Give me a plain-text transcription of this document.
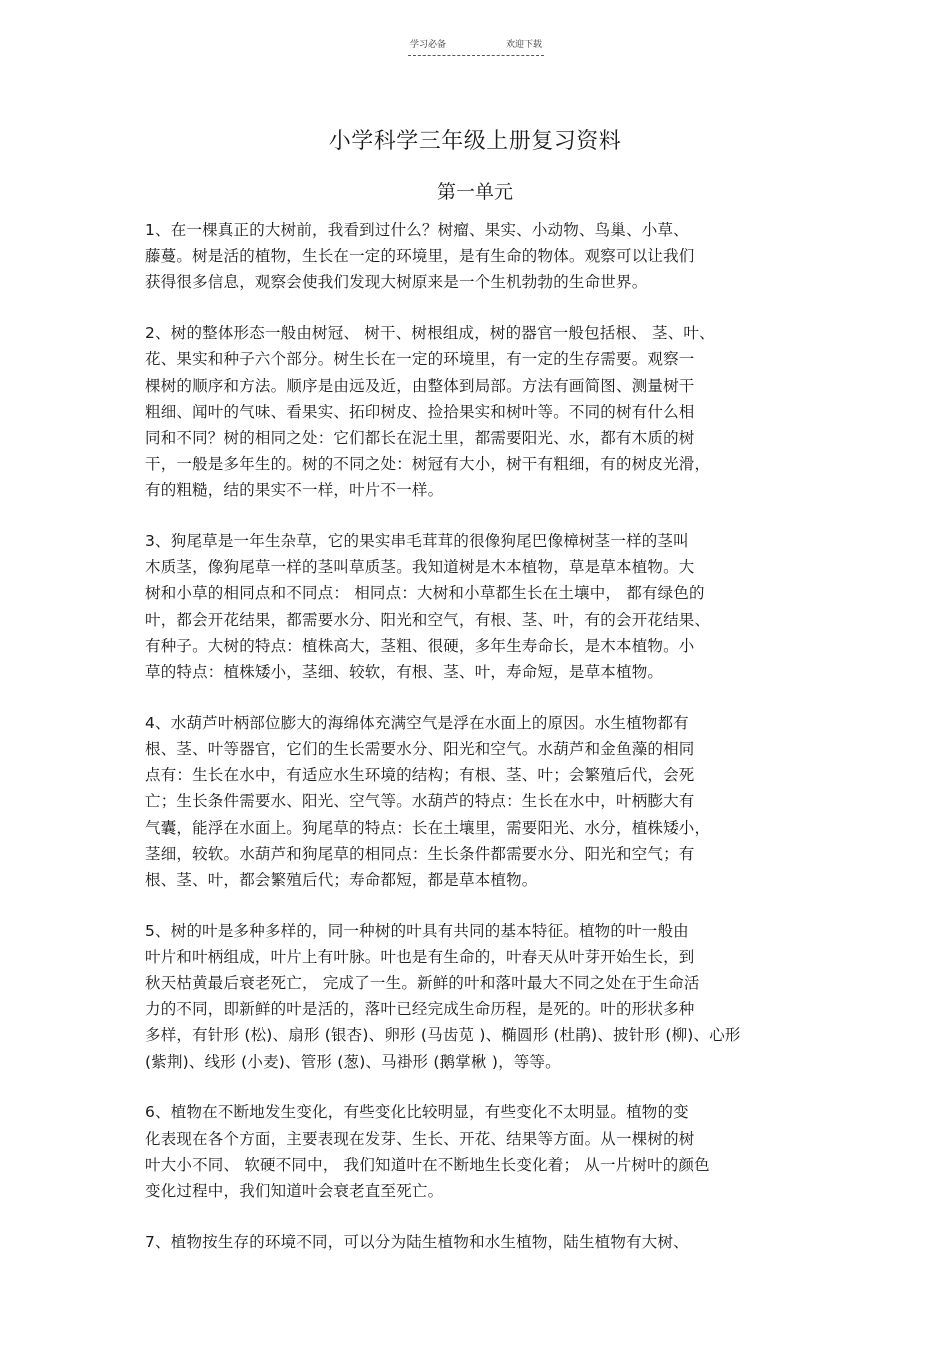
学习必备	欢迎下载
小学科学三年级上册复习资料
第一单元
1、在一棵真正的大树前，我看到过什么？树瘤、果实、小动物、鸟巢、小草、
藤蔓。树是活的植物，生长在一定的环境里，是有生命的物体。观察可以让我们
获得很多信息，观察会使我们发现大树原来是一个生机勃勃的生命世界。
2、树的整体形态一般由树冠、 树干、树根组成，树的器官一般包括根、 茎、叶、
花、果实和种子六个部分。树生长在一定的环境里，有一定的生存需要。观察一
棵树的顺序和方法。顺序是由远及近，由整体到局部。方法有画简图、测量树干
粗细、闻叶的气味、看果实、拓印树皮、捡拾果实和树叶等。不同的树有什么相
同和不同？树的相同之处：它们都长在泥土里，都需要阳光、水，都有木质的树
干，一般是多年生的。树的不同之处：树冠有大小，树干有粗细，有的树皮光滑，
有的粗糙，结的果实不一样，叶片不一样。
3、狗尾草是一年生杂草，它的果实串毛茸茸的很像狗尾巴像樟树茎一样的茎叫
木质茎，像狗尾草一样的茎叫草质茎。我知道树是木本植物，草是草本植物。大
树和小草的相同点和不同点： 相同点：大树和小草都生长在土壤中， 都有绿色的
叶，都会开花结果，都需要水分、阳光和空气，有根、茎、叶，有的会开花结果、
有种子。大树的特点：植株高大，茎粗、很硬，多年生寿命长，是木本植物。小
草的特点：植株矮小，茎细、较软，有根、茎、叶，寿命短，是草本植物。
4、水葫芦叶柄部位膨大的海绵体充满空气是浮在水面上的原因。水生植物都有
根、茎、叶等器官，它们的生长需要水分、阳光和空气。水葫芦和金鱼藻的相同
点有：生长在水中，有适应水生环境的结构；有根、茎、叶；会繁殖后代，会死
亡；生长条件需要水、阳光、空气等。水葫芦的特点：生长在水中，叶柄膨大有
气囊，能浮在水面上。狗尾草的特点：长在土壤里，需要阳光、水分，植株矮小，
茎细，较软。水葫芦和狗尾草的相同点：生长条件都需要水分、阳光和空气；有
根、茎、叶，都会繁殖后代；寿命都短，都是草本植物。
5、树的叶是多种多样的，同一种树的叶具有共同的基本特征。植物的叶一般由
叶片和叶柄组成，叶片上有叶脉。叶也是有生命的，叶春天从叶芽开始生长，到
秋天枯黄最后衰老死亡， 完成了一生。新鲜的叶和落叶最大不同之处在于生命活
力的不同，即新鲜的叶是活的，落叶已经完成生命历程，是死的。叶的形状多种
多样，有针形 (松)、扇形 (银杏)、卵形 (马齿苋 )、椭圆形 (杜鹃)、披针形 (柳)、心形
(紫荆)、线形 (小麦)、管形 (葱)、马褂形 (鹅掌楸 )，等等。
6、植物在不断地发生变化，有些变化比较明显，有些变化不太明显。植物的变
化表现在各个方面，主要表现在发芽、生长、开花、结果等方面。从一棵树的树
叶大小不同、 软硬不同中， 我们知道叶在不断地生长变化着； 从一片树叶的颜色
变化过程中，我们知道叶会衰老直至死亡。
7、植物按生存的环境不同，可以分为陆生植物和水生植物，陆生植物有大树、
